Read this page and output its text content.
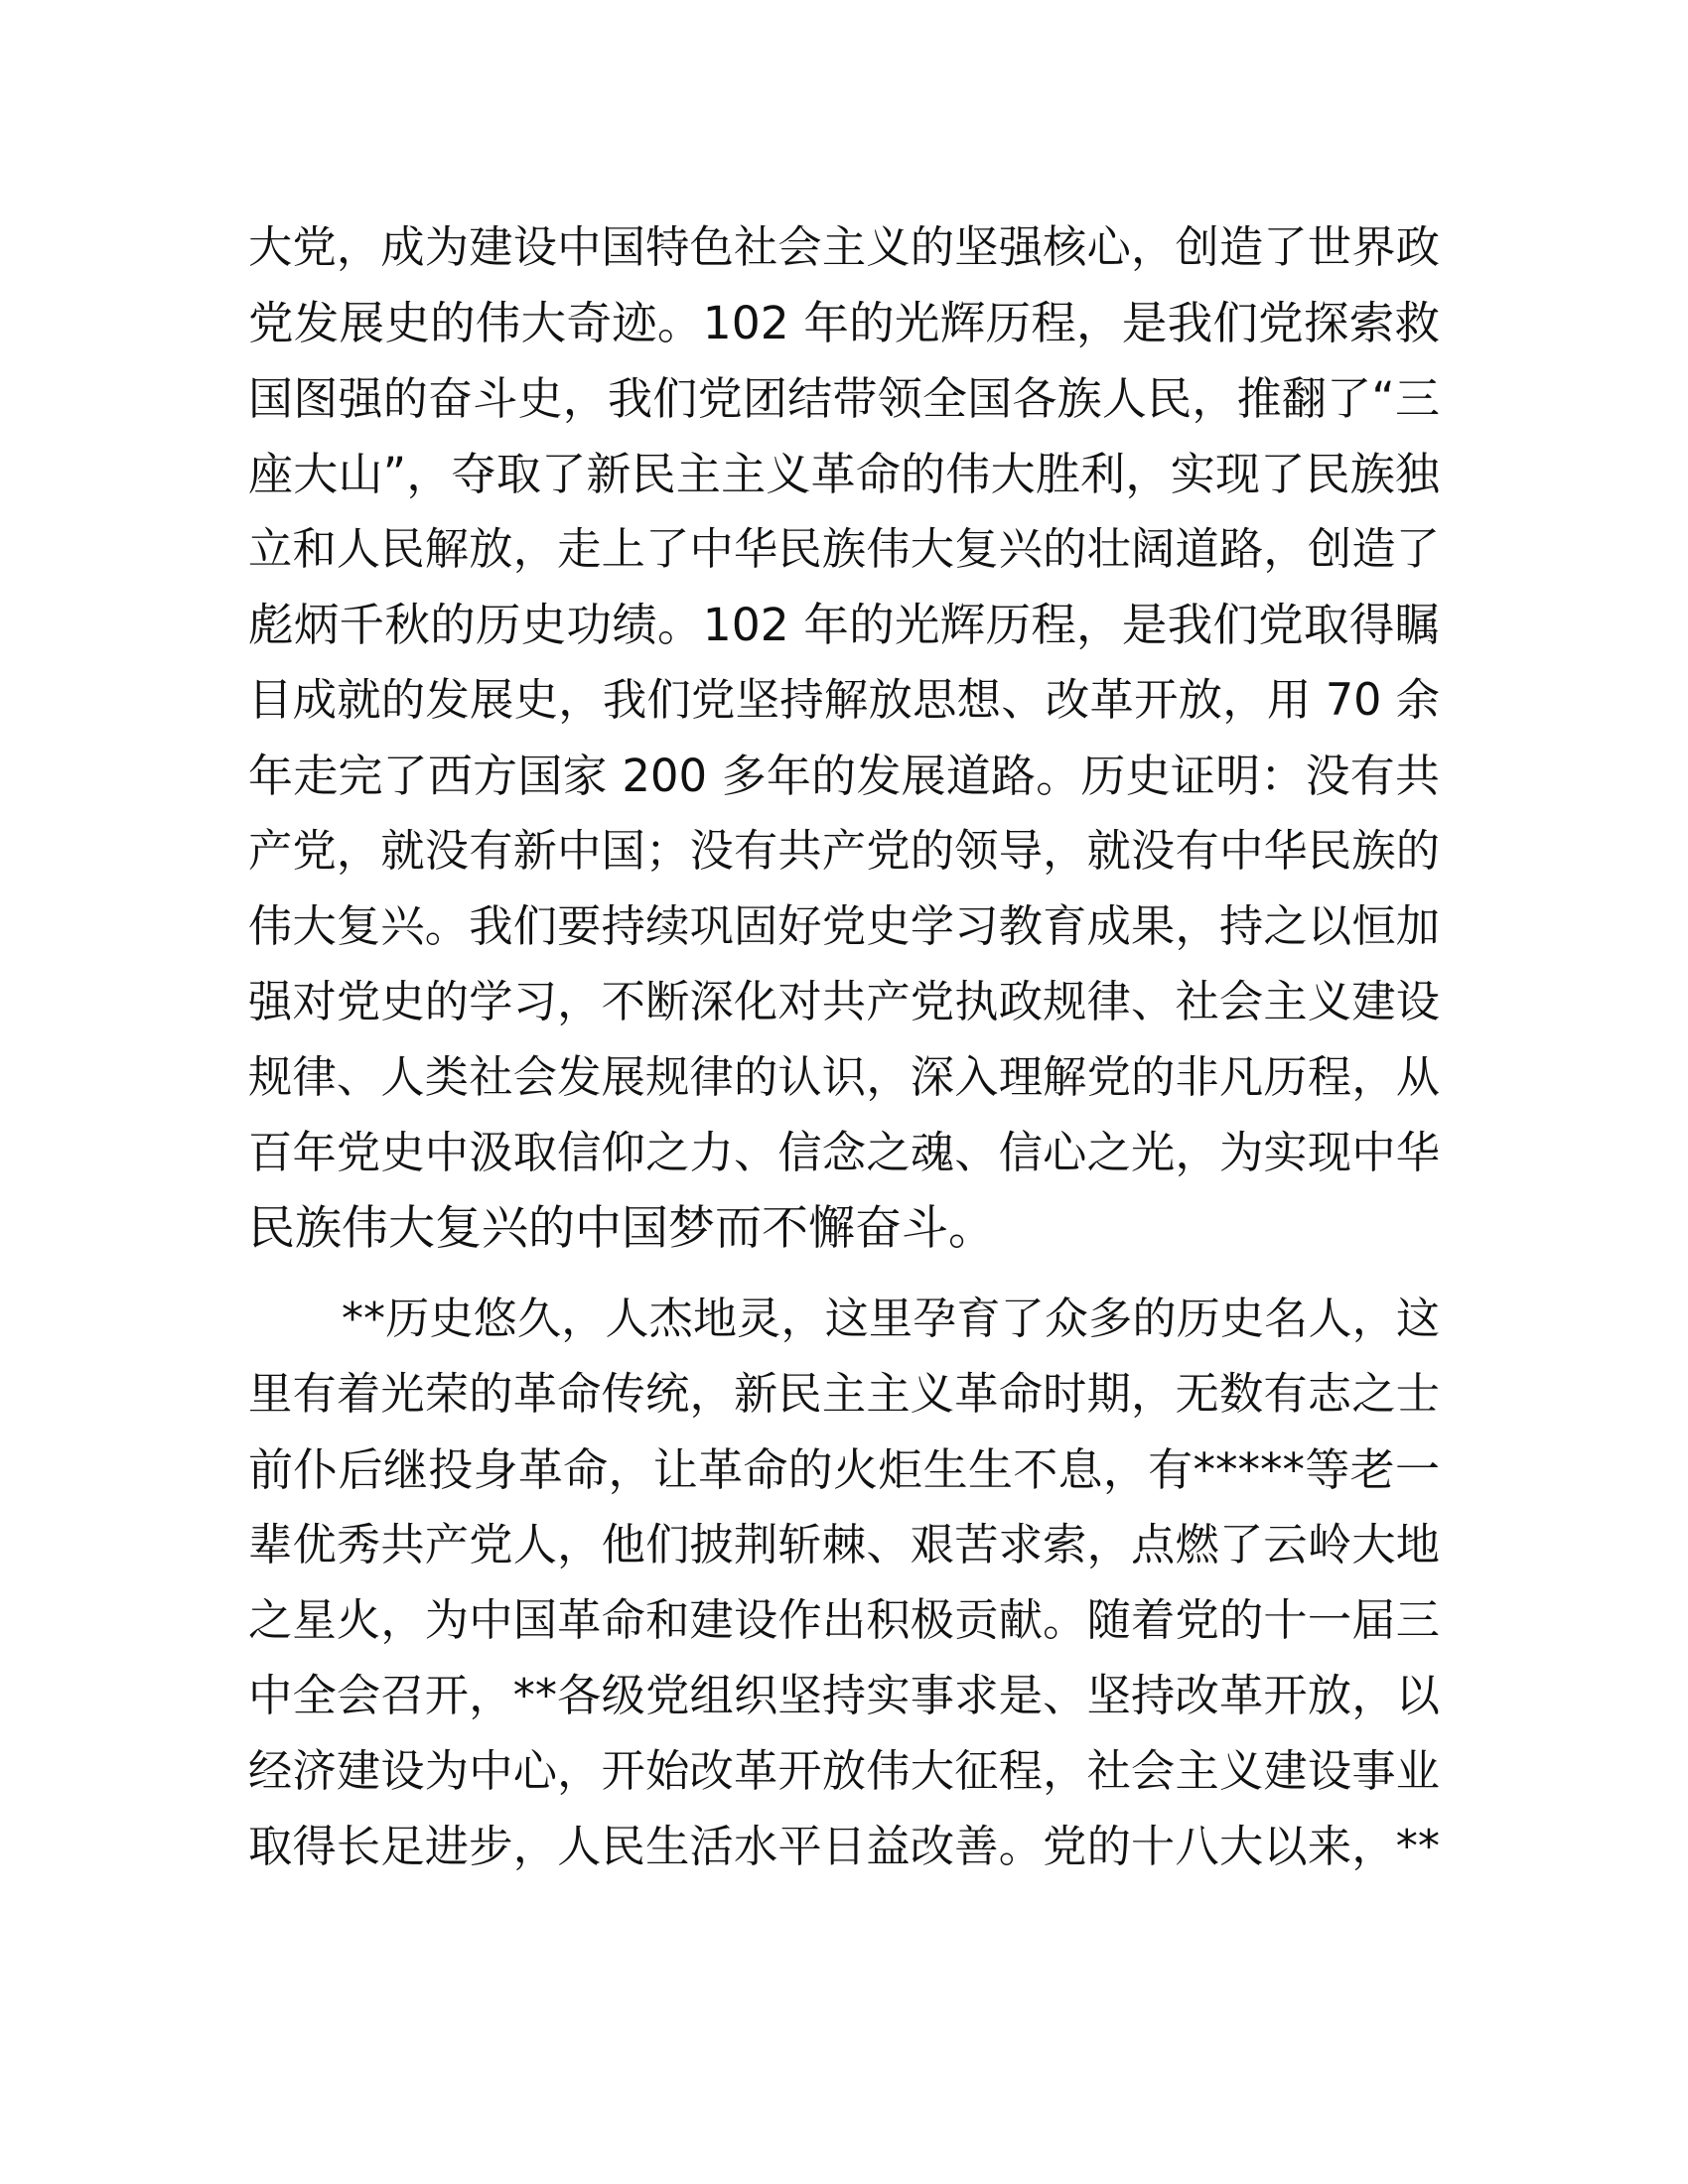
大党，成为建设中国特色社会主义的坚强核心，创造了世界政
党发展史的伟大奇迹。102 年的光辉历程，是我们党探索救
国图强的奋斗史，我们党团结带领全国各族人民，推翻了“三
座大山”，夺取了新民主主义革命的伟大胜利，实现了民族独
立和人民解放，走上了中华民族伟大复兴的壮阔道路，创造了
彪炳千秋的历史功绩。102 年的光辉历程，是我们党取得瞩
目成就的发展史，我们党坚持解放思想、改革开放，用 70 余
年走完了西方国家 200 多年的发展道路。历史证明：没有共
产党，就没有新中国；没有共产党的领导，就没有中华民族的
伟大复兴。我们要持续巩固好党史学习教育成果，持之以恒加
强对党史的学习，不断深化对共产党执政规律、社会主义建设
规律、人类社会发展规律的认识，深入理解党的非凡历程，从
百年党史中汲取信仰之力、信念之魂、信心之光，为实现中华
民族伟大复兴的中国梦而不懈奋斗。
**历史悠久，人杰地灵，这里孕育了众多的历史名人，这
里有着光荣的革命传统，新民主主义革命时期，无数有志之士
前仆后继投身革命，让革命的火炬生生不息，有*****等老一
辈优秀共产党人，他们披荆斩棘、艰苦求索，点燃了云岭大地
之星火，为中国革命和建设作出积极贡献。随着党的十一届三
中全会召开，**各级党组织坚持实事求是、坚持改革开放，以
经济建设为中心，开始改革开放伟大征程，社会主义建设事业
取得长足进步，人民生活水平日益改善。党的十八大以来，**
